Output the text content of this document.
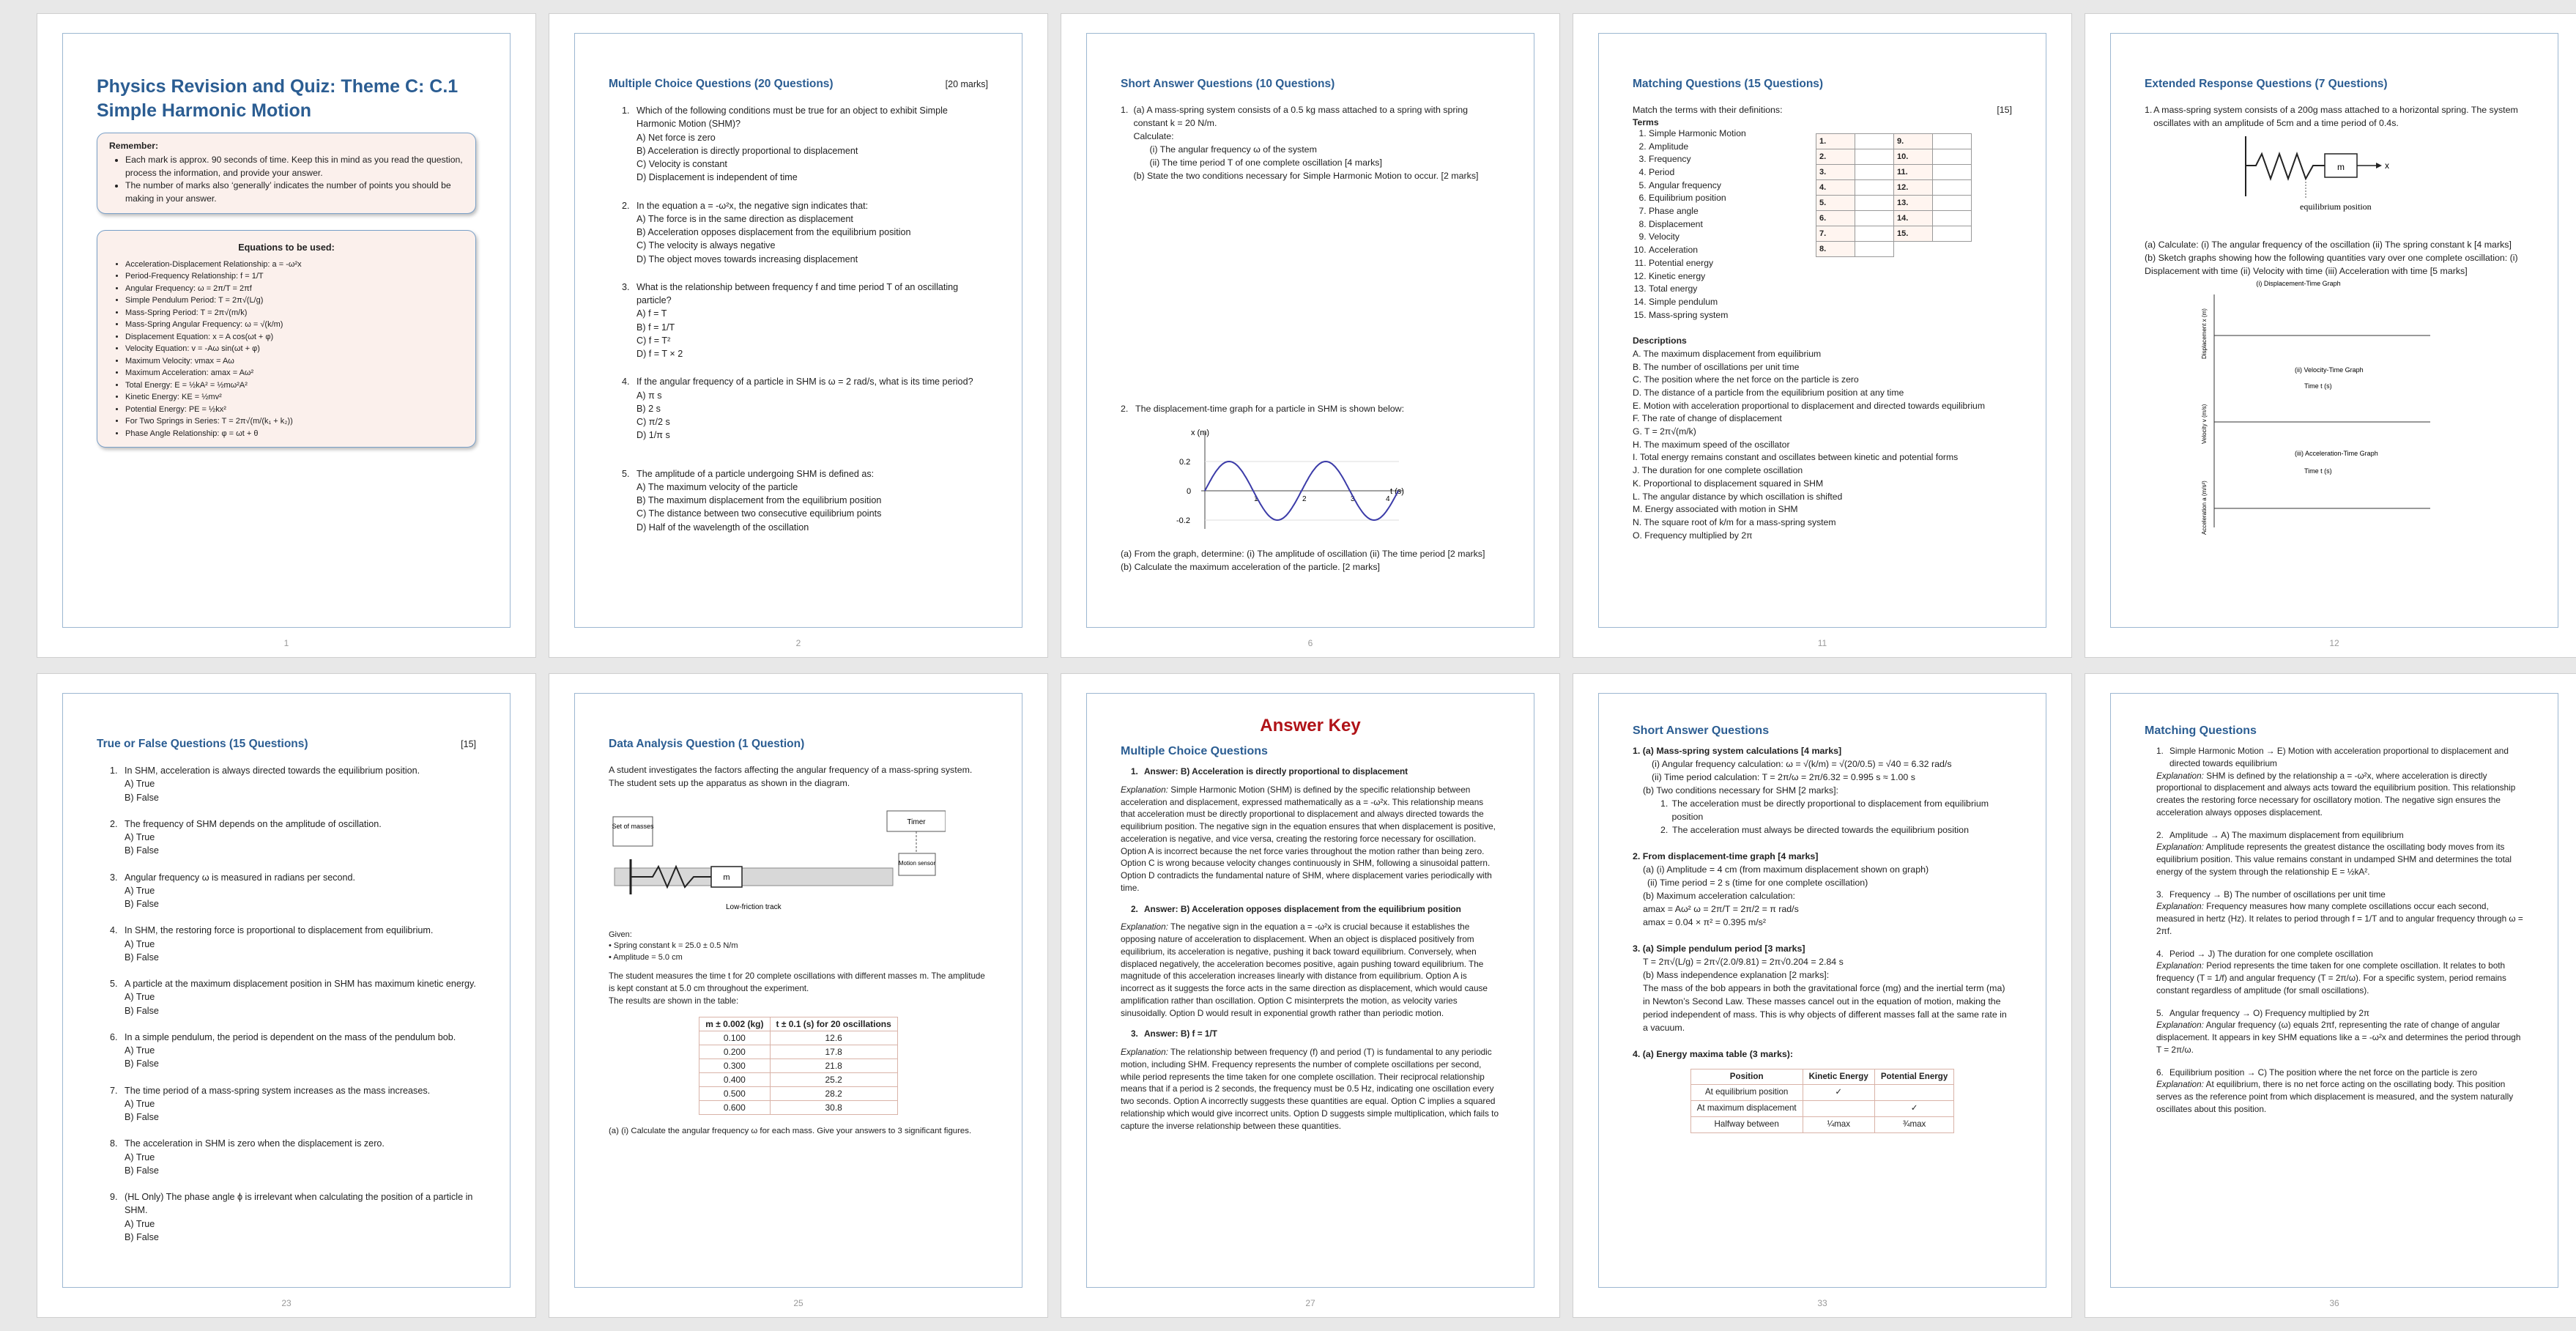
Physics Revision and Quiz: Theme C: C.1 Simple Harmonic Motion
Remember:
• Each mark is approx. 90 seconds of time. Keep this in mind as you read the question, process the information, and provide your answer.
• The number of marks also ‘generally’ indicates the number of points you should be making in your answer.
Equations to be used:
• Acceleration-Displacement Relationship: a = -ω²x
• Period-Frequency Relationship: f = 1/T
• Angular Frequency: ω = 2π/T = 2πf
• Simple Pendulum Period: T = 2π√(L/g)
• Mass-Spring Period: T = 2π√(m/k)
• Mass-Spring Angular Frequency: ω = √(k/m)
• Displacement Equation: x = A cos(ωt + φ)
• Velocity Equation: v = -Aω sin(ωt + φ)
• Maximum Velocity: vmax = Aω
• Maximum Acceleration: amax = Aω²
• Total Energy: E = ½kA² = ½mω²A²
• Kinetic Energy: KE = ½mv²
• Potential Energy: PE = ½kx²
• For Two Springs in Series: T = 2π√(m/(k₁ + k₂))
• Phase Angle Relationship: φ = ωt + θ
1
Multiple Choice Questions (20 Questions)	[20 marks]
1. Which of the following conditions must be true for an object to exhibit Simple Harmonic Motion (SHM)?
A) Net force is zero
B) Acceleration is directly proportional to displacement
C) Velocity is constant
D) Displacement is independent of time
2. In the equation a = -ω²x, the negative sign indicates that:
A) The force is in the same direction as displacement
B) Acceleration opposes displacement from the equilibrium position
C) The velocity is always negative
D) The object moves towards increasing displacement
3. What is the relationship between frequency f and time period T of an oscillating particle?
A) f = T
B) f = 1/T
C) f = T²
D) f = T × 2
4. If the angular frequency of a particle in SHM is ω = 2 rad/s, what is its time period?
A) π s
B) 2 s
C) π/2 s
D) 1/π s
5. The amplitude of a particle undergoing SHM is defined as:
A) The maximum velocity of the particle
B) The maximum displacement from the equilibrium position
C) The distance between two consecutive equilibrium points
D) Half of the wavelength of the oscillation
2
Short Answer Questions (10 Questions)
1. (a) A mass-spring system consists of a 0.5 kg mass attached to a spring with spring constant k = 20 N/m.
Calculate:
(i) The angular frequency ω of the system
(ii) The time period T of one complete oscillation [4 marks]
(b) State the two conditions necessary for Simple Harmonic Motion to occur. [2 marks]
2. The displacement-time graph for a particle in SHM is shown below:
x (m)
t (s)
0.2
0
-0.2
1	2	3	4
(a) From the graph, determine: (i) The amplitude of oscillation (ii) The time period [2 marks]
(b) Calculate the maximum acceleration of the particle. [2 marks]
6
Matching Questions (15 Questions)
Match the terms with their definitions:	[15]
Terms
1. Simple Harmonic Motion
2. Amplitude
3. Frequency
4. Period
5. Angular frequency
6. Equilibrium position
7. Phase angle
8. Displacement
9. Velocity
10. Acceleration
11. Potential energy
12. Kinetic energy
13. Total energy
14. Simple pendulum
15. Mass-spring system
1.		9.	
2.		10.	
3.		11.	
4.		12.	
5.		13.	
6.		14.	
7.		15.	
8.			
Descriptions
A. The maximum displacement from equilibrium
B. The number of oscillations per unit time
C. The position where the net force on the particle is zero
D. The distance of a particle from the equilibrium position at any time
E. Motion with acceleration proportional to displacement and directed towards equilibrium
F. The rate of change of displacement
G. T = 2π√(m/k)
H. The maximum speed of the oscillator
I. Total energy remains constant and oscillates between kinetic and potential forms
J. The duration for one complete oscillation
K. Proportional to displacement squared in SHM
L. The angular distance by which oscillation is shifted
M. Energy associated with motion in SHM
N. The square root of k/m for a mass-spring system
O. Frequency multiplied by 2π
11
Extended Response Questions (7 Questions)
1. A mass-spring system consists of a 200g mass attached to a horizontal spring. The system oscillates with an amplitude of 5cm and a time period of 0.4s.
m	x
equilibrium position
(a) Calculate: (i) The angular frequency of the oscillation (ii) The spring constant k [4 marks]
(b) Sketch graphs showing how the following quantities vary over one complete oscillation: (i) Displacement with time (ii) Velocity with time (iii) Acceleration with time [5 marks]
(i) Displacement-Time Graph
(ii) Velocity-Time Graph
Time t (s)
(iii) Acceleration-Time Graph
Time t (s)
Displacement x (m)
Velocity v (m/s)
Acceleration a (m/s²)
12
True or False Questions (15 Questions)	[15]
1. In SHM, acceleration is always directed towards the equilibrium position.
A) True
B) False
2. The frequency of SHM depends on the amplitude of oscillation.
A) True
B) False
3. Angular frequency ω is measured in radians per second.
A) True
B) False
4. In SHM, the restoring force is proportional to displacement from equilibrium.
A) True
B) False
5. A particle at the maximum displacement position in SHM has maximum kinetic energy.
A) True
B) False
6. In a simple pendulum, the period is dependent on the mass of the pendulum bob.
A) True
B) False
7. The time period of a mass-spring system increases as the mass increases.
A) True
B) False
8. The acceleration in SHM is zero when the displacement is zero.
A) True
B) False
9. (HL Only) The phase angle ϕ is irrelevant when calculating the position of a particle in SHM.
A) True
B) False
23
Data Analysis Question (1 Question)
A student investigates the factors affecting the angular frequency of a mass-spring system. The student sets up the apparatus as shown in the diagram.
Set of masses	Timer
Motion sensor
m
Low-friction track
Given:
• Spring constant k = 25.0 ± 0.5 N/m
• Amplitude = 5.0 cm
The student measures the time t for 20 complete oscillations with different masses m. The amplitude is kept constant at 5.0 cm throughout the experiment.
The results are shown in the table:
m ± 0.002 (kg)	t ± 0.1 (s) for 20 oscillations
0.100	12.6
0.200	17.8
0.300	21.8
0.400	25.2
0.500	28.2
0.600	30.8
(a) (i) Calculate the angular frequency ω for each mass. Give your answers to 3 significant figures.
25
Answer Key
Multiple Choice Questions
1. Answer: B) Acceleration is directly proportional to displacement
Explanation: Simple Harmonic Motion (SHM) is defined by the specific relationship between acceleration and displacement, expressed mathematically as a = -ω²x. This relationship means that acceleration must be directly proportional to displacement and always directed towards the equilibrium position. The negative sign in the equation ensures that when displacement is positive, acceleration is negative, and vice versa, creating the restoring force necessary for oscillation. Option A is incorrect because the net force varies throughout the motion rather than being zero. Option C is wrong because velocity changes continuously in SHM, following a sinusoidal pattern. Option D contradicts the fundamental nature of SHM, where displacement varies periodically with time.
2. Answer: B) Acceleration opposes displacement from the equilibrium position
Explanation: The negative sign in the equation a = -ω²x is crucial because it establishes the opposing nature of acceleration to displacement. When an object is displaced positively from equilibrium, its acceleration is negative, pushing it back toward equilibrium. Conversely, when displaced negatively, the acceleration becomes positive, again pushing toward equilibrium. The magnitude of this acceleration increases linearly with distance from equilibrium. Option A is incorrect as it suggests the force acts in the same direction as displacement, which would cause amplification rather than oscillation. Option C misinterprets the motion, as velocity varies sinusoidally. Option D would result in exponential growth rather than periodic motion.
3. Answer: B) f = 1/T
Explanation: The relationship between frequency (f) and period (T) is fundamental to any periodic motion, including SHM. Frequency represents the number of complete oscillations per second, while period represents the time taken for one complete oscillation. Their reciprocal relationship means that if a period is 2 seconds, the frequency must be 0.5 Hz, indicating one oscillation every two seconds. Option A incorrectly suggests these quantities are equal. Option C implies a squared relationship which would give incorrect units. Option D suggests simple multiplication, which fails to capture the inverse relationship between these quantities.
27
Short Answer Questions
1. (a) Mass-spring system calculations [4 marks]
(i) Angular frequency calculation: ω = √(k/m) = √(20/0.5) = √40 = 6.32 rad/s
(ii) Time period calculation: T = 2π/ω = 2π/6.32 = 0.995 s ≈ 1.00 s
(b) Two conditions necessary for SHM [2 marks]:
1. The acceleration must be directly proportional to displacement from equilibrium position
2. The acceleration must always be directed towards the equilibrium position
2. From displacement-time graph [4 marks]
(a) (i) Amplitude = 4 cm (from maximum displacement shown on graph)
(ii) Time period = 2 s (time for one complete oscillation)
(b) Maximum acceleration calculation:
amax = Aω² ω = 2π/T = 2π/2 = π rad/s
amax = 0.04 × π² = 0.395 m/s²
3. (a) Simple pendulum period [3 marks]
T = 2π√(L/g) = 2π√(2.0/9.81) = 2π√0.204 = 2.84 s
(b) Mass independence explanation [2 marks]:
The mass of the bob appears in both the gravitational force (mg) and the inertial term (ma) in Newton’s Second Law. These masses cancel out in the equation of motion, making the period independent of mass. This is why objects of different masses fall at the same rate in a vacuum.
4. (a) Energy maxima table (3 marks):
Position	Kinetic Energy	Potential Energy
At equilibrium position	✓	
At maximum displacement		✓
Halfway between	¼max	¾max
33
Matching Questions
1. Simple Harmonic Motion → E) Motion with acceleration proportional to displacement and directed towards equilibrium
Explanation: SHM is defined by the relationship a = -ω²x, where acceleration is directly proportional to displacement and always acts toward the equilibrium position. This relationship creates the restoring force necessary for oscillatory motion. The negative sign ensures the acceleration always opposes displacement.
2. Amplitude → A) The maximum displacement from equilibrium
Explanation: Amplitude represents the greatest distance the oscillating body moves from its equilibrium position. This value remains constant in undamped SHM and determines the total energy of the system through the relationship E = ½kA².
3. Frequency → B) The number of oscillations per unit time
Explanation: Frequency measures how many complete oscillations occur each second, measured in hertz (Hz). It relates to period through f = 1/T and to angular frequency through ω = 2πf.
4. Period → J) The duration for one complete oscillation
Explanation: Period represents the time taken for one complete oscillation. It relates to both frequency (T = 1/f) and angular frequency (T = 2π/ω). For a specific system, period remains constant regardless of amplitude (for small oscillations).
5. Angular frequency → O) Frequency multiplied by 2π
Explanation: Angular frequency (ω) equals 2πf, representing the rate of change of angular displacement. It appears in key SHM equations like a = -ω²x and determines the period through T = 2π/ω.
6. Equilibrium position → C) The position where the net force on the particle is zero
Explanation: At equilibrium, there is no net force acting on the oscillating body. This position serves as the reference point from which displacement is measured, and the system naturally oscillates about this position.
36
